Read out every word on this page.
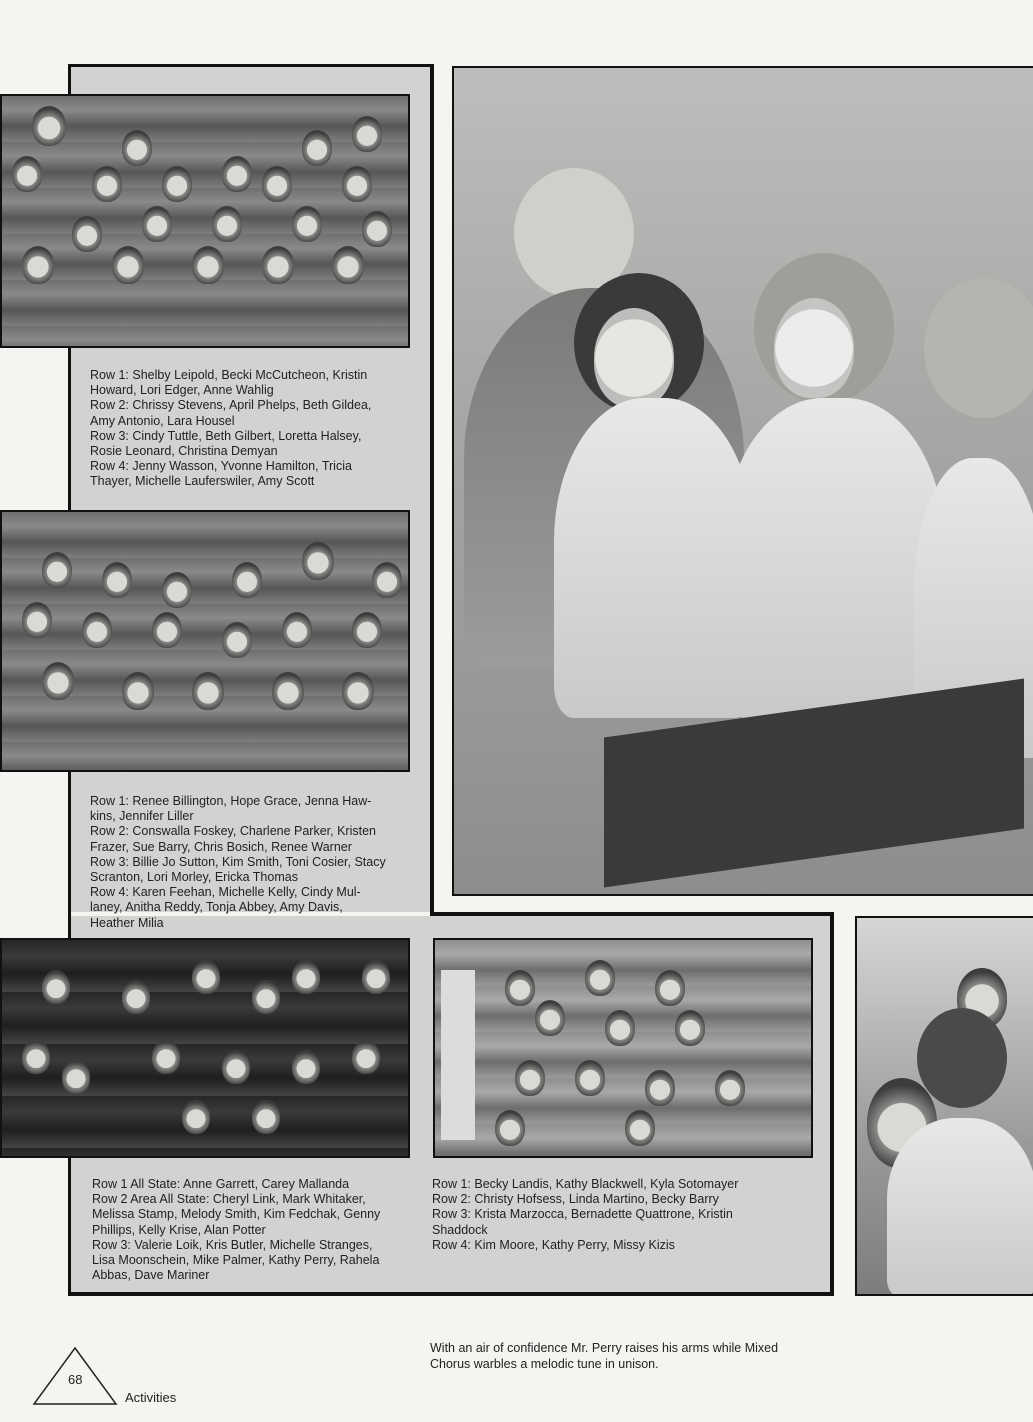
Row 1: Shelby Leipold, Becki McCutcheon, Kristin
Howard, Lori Edger, Anne Wahlig
Row 2: Chrissy Stevens, April Phelps, Beth Gildea,
Amy Antonio, Lara Housel
Row 3: Cindy Tuttle, Beth Gilbert, Loretta Halsey,
Rosie Leonard, Christina Demyan
Row 4: Jenny Wasson, Yvonne Hamilton, Tricia
Thayer, Michelle Lauferswiler, Amy Scott
Row 1: Renee Billington, Hope Grace, Jenna Haw-
kins, Jennifer Liller
Row 2: Conswalla Foskey, Charlene Parker, Kristen
Frazer, Sue Barry, Chris Bosich, Renee Warner
Row 3: Billie Jo Sutton, Kim Smith, Toni Cosier, Stacy
Scranton, Lori Morley, Ericka Thomas
Row 4: Karen Feehan, Michelle Kelly, Cindy Mul-
laney, Anitha Reddy, Tonja Abbey, Amy Davis,
Heather Milia
Row 1 All State: Anne Garrett, Carey Mallanda
Row 2 Area All State: Cheryl Link, Mark Whitaker,
Melissa Stamp, Melody Smith, Kim Fedchak, Genny
Phillips, Kelly Krise, Alan Potter
Row 3: Valerie Loik, Kris Butler, Michelle Stranges,
Lisa Moonschein, Mike Palmer, Kathy Perry, Rahela
Abbas, Dave Mariner
Row 1: Becky Landis, Kathy Blackwell, Kyla Sotomayer
Row 2: Christy Hofsess, Linda Martino, Becky Barry
Row 3: Krista Marzocca, Bernadette Quattrone, Kristin
Shaddock
Row 4: Kim Moore, Kathy Perry, Missy Kizis
With an air of confidence Mr. Perry raises his arms while Mixed
Chorus warbles a melodic tune in unison.
68
Activities
